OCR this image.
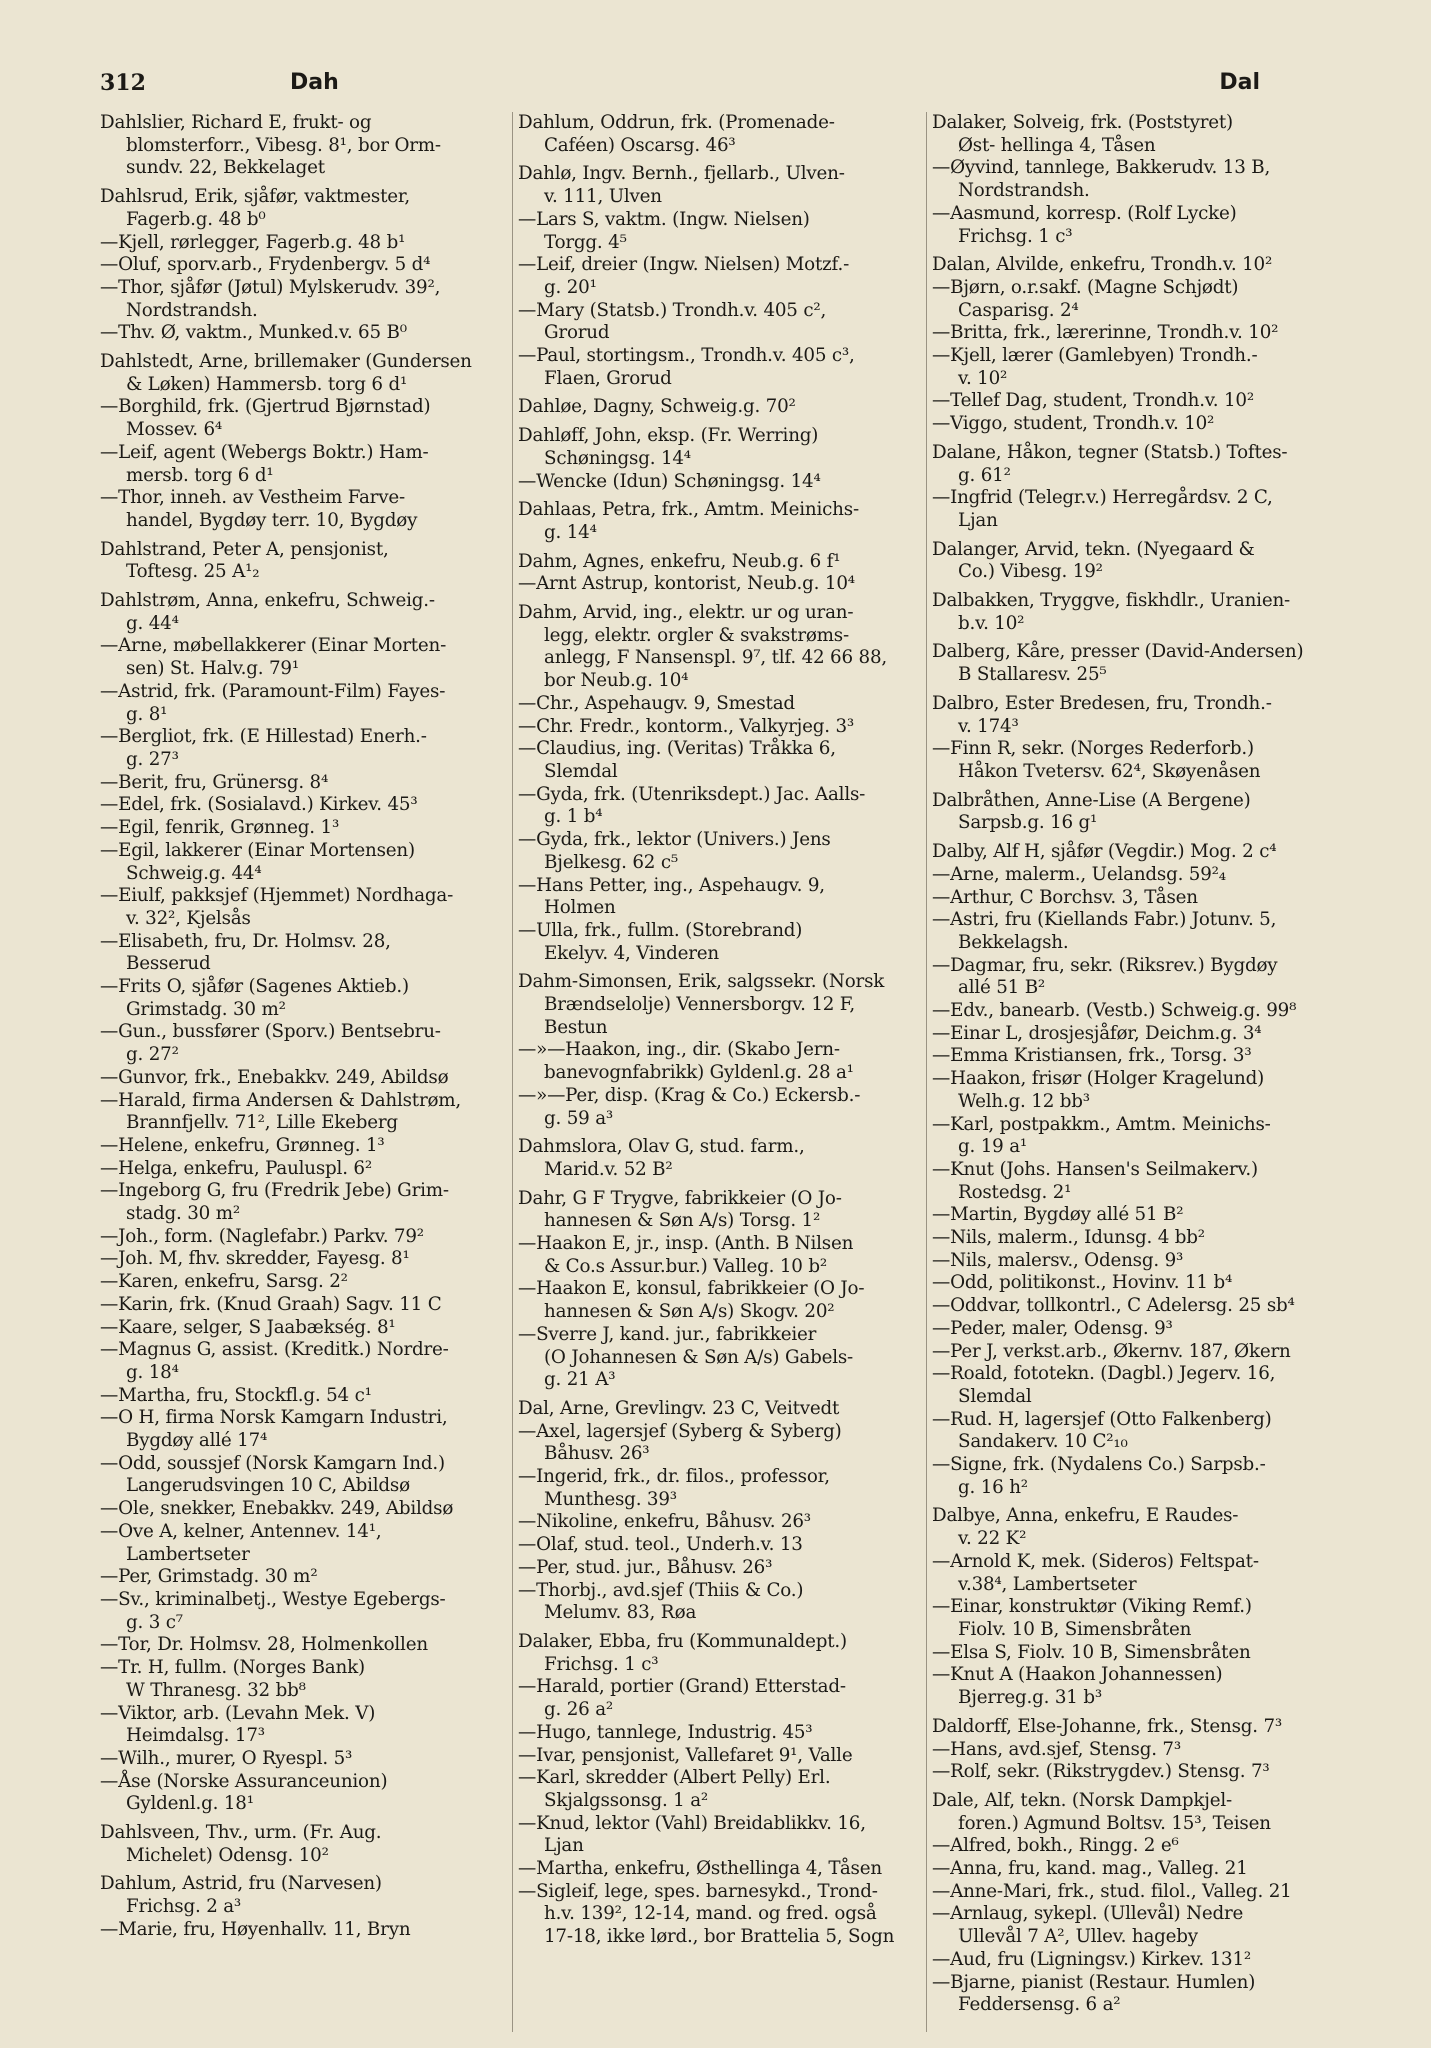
312	Dah	Dal

Dahlslier, Richard E, frukt- og
blomsterforr., Vibesg. 8¹, bor Orm-
sundv. 22, Bekkelaget

Dahlsrud, Erik, sjåfør, vaktmester,
Fagerb.g. 48 b⁰

—Kjell, rørlegger, Fagerb.g. 48 b¹

—Oluf, sporv.arb., Frydenbergv. 5 d⁴

—Thor, sjåfør (Jøtul) Mylskerudv. 39²,
Nordstrandsh.

—Thv. Ø, vaktm., Munked.v. 65 B⁰

Dahlstedt, Arne, brillemaker (Gundersen
& Løken) Hammersb. torg 6 d¹

—Borghild, frk. (Gjertrud Bjørnstad)
Mossev. 6⁴

—Leif, agent (Webergs Boktr.) Ham-
mersb. torg 6 d¹

—Thor, inneh. av Vestheim Farve-
handel, Bygdøy terr. 10, Bygdøy

Dahlstrand, Peter A, pensjonist,
Toftesg. 25 A¹₂

Dahlstrøm, Anna, enkefru, Schweig.-
g. 44⁴

—Arne, møbellakkerer (Einar Morten-
sen) St. Halv.g. 79¹

—Astrid, frk. (Paramount-Film) Fayes-
g. 8¹

—Bergliot, frk. (E Hillestad) Enerh.-
g. 27³

—Berit, fru, Grünersg. 8⁴

—Edel, frk. (Sosialavd.) Kirkev. 45³

—Egil, fenrik, Grønneg. 1³

—Egil, lakkerer (Einar Mortensen)
Schweig.g. 44⁴

—Eiulf, pakksjef (Hjemmet) Nordhaga-
v. 32², Kjelsås

—Elisabeth, fru, Dr. Holmsv. 28,
Besserud

—Frits O, sjåfør (Sagenes Aktieb.)
Grimstadg. 30 m²

—Gun., bussfører (Sporv.) Bentsebru-
g. 27²

—Gunvor, frk., Enebakkv. 249, Abildsø

—Harald, firma Andersen & Dahlstrøm,
Brannfjellv. 71², Lille Ekeberg

—Helene, enkefru, Grønneg. 1³

—Helga, enkefru, Pauluspl. 6²

—Ingeborg G, fru (Fredrik Jebe) Grim-
stadg. 30 m²

—Joh., form. (Naglefabr.) Parkv. 79²

—Joh. M, fhv. skredder, Fayesg. 8¹

—Karen, enkefru, Sarsg. 2²

—Karin, frk. (Knud Graah) Sagv. 11 C

—Kaare, selger, S Jaabækség. 8¹

—Magnus G, assist. (Kreditk.) Nordre-
g. 18⁴

—Martha, fru, Stockfl.g. 54 c¹

—O H, firma Norsk Kamgarn Industri,
Bygdøy allé 17⁴

—Odd, soussjef (Norsk Kamgarn Ind.)
Langerudsvingen 10 C, Abildsø

—Ole, snekker, Enebakkv. 249, Abildsø

—Ove A, kelner, Antennev. 14¹,
Lambertseter

—Per, Grimstadg. 30 m²

—Sv., kriminalbetj., Westye Egebergs-
g. 3 c⁷

—Tor, Dr. Holmsv. 28, Holmenkollen

—Tr. H, fullm. (Norges Bank)
W Thranesg. 32 bb⁸

—Viktor, arb. (Levahn Mek. V)
Heimdalsg. 17³

—Wilh., murer, O Ryespl. 5³

—Åse (Norske Assuranceunion)
Gyldenl.g. 18¹

Dahlsveen, Thv., urm. (Fr. Aug.
Michelet) Odensg. 10²

Dahlum, Astrid, fru (Narvesen)
Frichsg. 2 a³

—Marie, fru, Høyenhallv. 11, Bryn

Dahlum, Oddrun, frk. (Promenade-
Caféen) Oscarsg. 46³

Dahlø, Ingv. Bernh., fjellarb., Ulven-
v. 111, Ulven

—Lars S, vaktm. (Ingw. Nielsen)
Torgg. 4⁵

—Leif, dreier (Ingw. Nielsen) Motzf.-
g. 20¹

—Mary (Statsb.) Trondh.v. 405 c²,
Grorud

—Paul, stortingsm., Trondh.v. 405 c³,
Flaen, Grorud

Dahløe, Dagny, Schweig.g. 70²

Dahløff, John, eksp. (Fr. Werring)
Schøningsg. 14⁴

—Wencke (Idun) Schøningsg. 14⁴

Dahlaas, Petra, frk., Amtm. Meinichs-
g. 14⁴

Dahm, Agnes, enkefru, Neub.g. 6 f¹

—Arnt Astrup, kontorist, Neub.g. 10⁴

Dahm, Arvid, ing., elektr. ur og uran-
legg, elektr. orgler & svakstrøms-
anlegg, F Nansenspl. 9⁷, tlf. 42 66 88,
bor Neub.g. 10⁴

—Chr., Aspehaugv. 9, Smestad

—Chr. Fredr., kontorm., Valkyrjeg. 3³

—Claudius, ing. (Veritas) Tråkka 6,
Slemdal

—Gyda, frk. (Utenriksdept.) Jac. Aalls-
g. 1 b⁴

—Gyda, frk., lektor (Univers.) Jens
Bjelkesg. 62 c⁵

—Hans Petter, ing., Aspehaugv. 9,
Holmen

—Ulla, frk., fullm. (Storebrand)
Ekelyv. 4, Vinderen

Dahm-Simonsen, Erik, salgssekr. (Norsk
Brændselolje) Vennersborgv. 12 F,
Bestun

—»—Haakon, ing., dir. (Skabo Jern-
banevognfabrikk) Gyldenl.g. 28 a¹

—»—Per, disp. (Krag & Co.) Eckersb.-
g. 59 a³

Dahmslora, Olav G, stud. farm.,
Marid.v. 52 B²

Dahr, G F Trygve, fabrikkeier (O Jo-
hannesen & Søn A/s) Torsg. 1²

—Haakon E, jr., insp. (Anth. B Nilsen
& Co.s Assur.bur.) Valleg. 10 b²

—Haakon E, konsul, fabrikkeier (O Jo-
hannesen & Søn A/s) Skogv. 20²

—Sverre J, kand. jur., fabrikkeier
(O Johannesen & Søn A/s) Gabels-
g. 21 A³

Dal, Arne, Grevlingv. 23 C, Veitvedt

—Axel, lagersjef (Syberg & Syberg)
Båhusv. 26³

—Ingerid, frk., dr. filos., professor,
Munthesg. 39³

—Nikoline, enkefru, Båhusv. 26³

—Olaf, stud. teol., Underh.v. 13

—Per, stud. jur., Båhusv. 26³

—Thorbj., avd.sjef (Thiis & Co.)
Melumv. 83, Røa

Dalaker, Ebba, fru (Kommunaldept.)
Frichsg. 1 c³

—Harald, portier (Grand) Etterstad-
g. 26 a²

—Hugo, tannlege, Industrig. 45³

—Ivar, pensjonist, Vallefaret 9¹, Valle

—Karl, skredder (Albert Pelly) Erl.
Skjalgssonsg. 1 a²

—Knud, lektor (Vahl) Breidablikkv. 16,
Ljan

—Martha, enkefru, Østhellinga 4, Tåsen

—Sigleif, lege, spes. barnesykd., Trond-
h.v. 139², 12-14, mand. og fred. også
17-18, ikke lørd., bor Brattelia 5, Sogn

Dalaker, Solveig, frk. (Poststyret)
Øst- hellinga 4, Tåsen

—Øyvind, tannlege, Bakkerudv. 13 B,
Nordstrandsh.

—Aasmund, korresp. (Rolf Lycke)
Frichsg. 1 c³

Dalan, Alvilde, enkefru, Trondh.v. 10²

—Bjørn, o.r.sakf. (Magne Schjødt)
Casparisg. 2⁴

—Britta, frk., lærerinne, Trondh.v. 10²

—Kjell, lærer (Gamlebyen) Trondh.-
v. 10²

—Tellef Dag, student, Trondh.v. 10²

—Viggo, student, Trondh.v. 10²

Dalane, Håkon, tegner (Statsb.) Toftes-
g. 61²

—Ingfrid (Telegr.v.) Herregårdsv. 2 C,
Ljan

Dalanger, Arvid, tekn. (Nyegaard &
Co.) Vibesg. 19²

Dalbakken, Tryggve, fiskhdlr., Uranien-
b.v. 10²

Dalberg, Kåre, presser (David-Andersen)
B Stallaresv. 25⁵

Dalbro, Ester Bredesen, fru, Trondh.-
v. 174³

—Finn R, sekr. (Norges Rederforb.)
Håkon Tvetersv. 62⁴, Skøyenåsen

Dalbråthen, Anne-Lise (A Bergene)
Sarpsb.g. 16 g¹

Dalby, Alf H, sjåfør (Vegdir.) Mog. 2 c⁴

—Arne, malerm., Uelandsg. 59²₄

—Arthur, C Borchsv. 3, Tåsen

—Astri, fru (Kiellands Fabr.) Jotunv. 5,
Bekkelagsh.

—Dagmar, fru, sekr. (Riksrev.) Bygdøy
allé 51 B²

—Edv., banearb. (Vestb.) Schweig.g. 99⁸

—Einar L, drosjesjåfør, Deichm.g. 3⁴

—Emma Kristiansen, frk., Torsg. 3³

—Haakon, frisør (Holger Kragelund)
Welh.g. 12 bb³

—Karl, postpakkm., Amtm. Meinichs-
g. 19 a¹

—Knut (Johs. Hansen's Seilmakerv.)
Rostedsg. 2¹

—Martin, Bygdøy allé 51 B²

—Nils, malerm., Idunsg. 4 bb²

—Nils, malersv., Odensg. 9³

—Odd, politikonst., Hovinv. 11 b⁴

—Oddvar, tollkontrl., C Adelersg. 25 sb⁴

—Peder, maler, Odensg. 9³

—Per J, verkst.arb., Økernv. 187, Økern

—Roald, fototekn. (Dagbl.) Jegerv. 16,
Slemdal

—Rud. H, lagersjef (Otto Falkenberg)
Sandakerv. 10 C²₁₀

—Signe, frk. (Nydalens Co.) Sarpsb.-
g. 16 h²

Dalbye, Anna, enkefru, E Raudes-
v. 22 K²

—Arnold K, mek. (Sideros) Feltspat-
v.38⁴, Lambertseter

—Einar, konstruktør (Viking Remf.)
Fiolv. 10 B, Simensbråten

—Elsa S, Fiolv. 10 B, Simensbråten

—Knut A (Haakon Johannessen)
Bjerreg.g. 31 b³

Daldorff, Else-Johanne, frk., Stensg. 7³

—Hans, avd.sjef, Stensg. 7³

—Rolf, sekr. (Rikstrygdev.) Stensg. 7³

Dale, Alf, tekn. (Norsk Dampkjel-
foren.) Agmund Boltsv. 15³, Teisen

—Alfred, bokh., Ringg. 2 e⁶

—Anna, fru, kand. mag., Valleg. 21

—Anne-Mari, frk., stud. filol., Valleg. 21

—Arnlaug, sykepl. (Ullevål) Nedre
Ullevål 7 A², Ullev. hageby

—Aud, fru (Ligningsv.) Kirkev. 131²

—Bjarne, pianist (Restaur. Humlen)
Feddersensg. 6 a²
